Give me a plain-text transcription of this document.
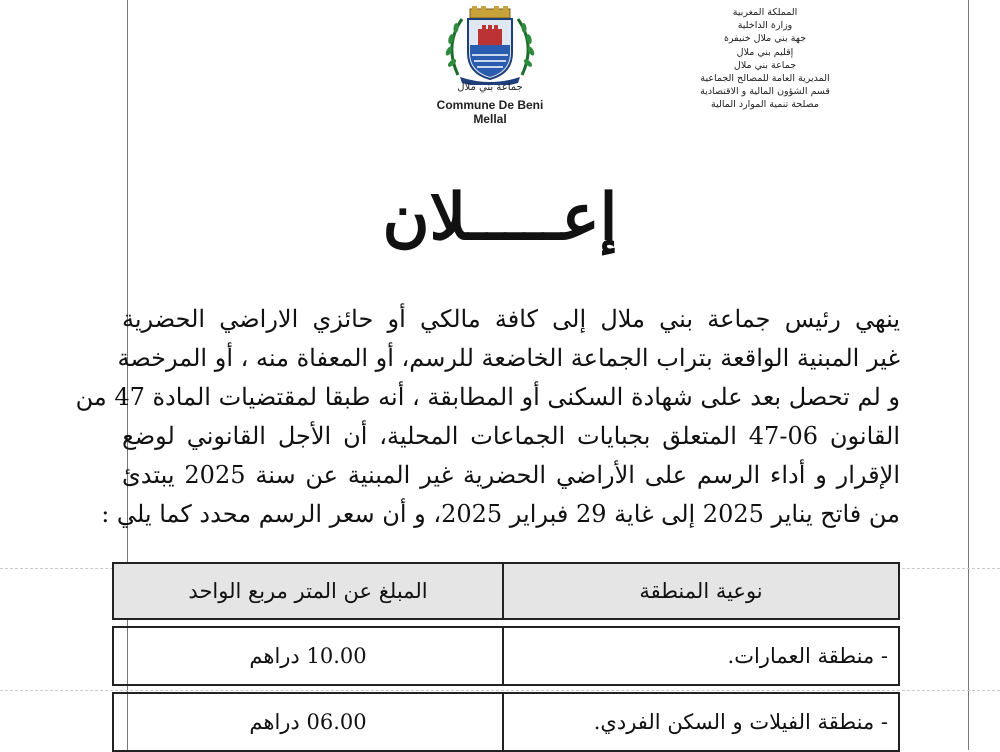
جماعة بني ملال
Commune De Beni Mellal
المملكة المغربية
وزارة الداخلية
جهة بني ملال خنيفرة
إقليم بني ملال
جماعة بني ملال
المديرية العامة للمصالح الجماعية
قسم الشؤون المالية و الاقتصادية
مصلحة تنمية الموارد المالية
إعـــــلان
ينهي رئيس جماعة بني ملال إلى كافة مالكي أو حائزي الاراضي الحضرية
غير المبنية الواقعة بتراب الجماعة الخاضعة للرسم، أو المعفاة منه ، أو المرخصة
و لم تحصل بعد على شهادة السكنى أو المطابقة ، أنه طبقا لمقتضيات المادة 47 من
القانون 06-47 المتعلق بجبايات الجماعات المحلية، أن الأجل القانوني لوضع
الإقرار و أداء الرسم على الأراضي الحضرية غير المبنية عن سنة 2025 يبتدئ
من فاتح يناير 2025 إلى غاية 29 فبراير 2025، و أن سعر الرسم محدد كما يلي :
نوعية المنطقة	المبلغ عن المتر مربع الواحد

- منطقة العمارات.	10.00 دراهم

- منطقة الفيلات و السكن الفردي.	06.00 دراهم
